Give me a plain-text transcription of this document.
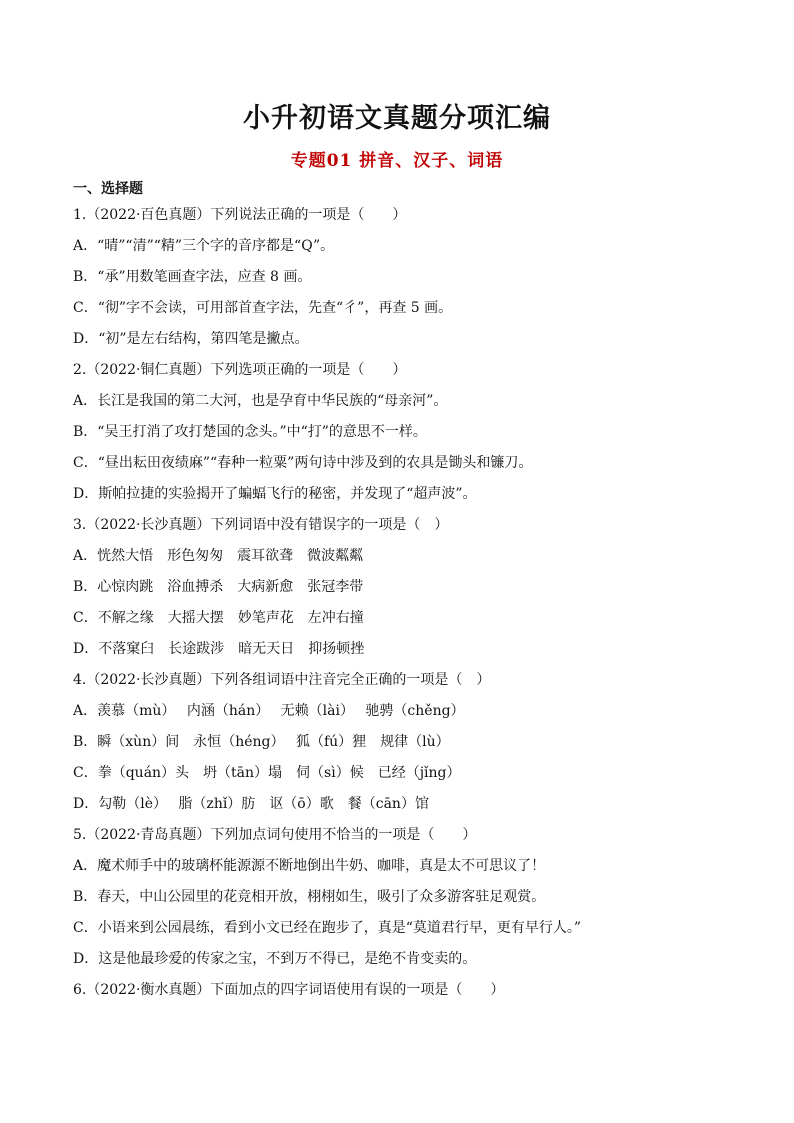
小升初语文真题分项汇编
专题01 拼音、汉子、词语
一、选择题
1.（2022·百色真题）下列说法正确的一项是（　　）
A．“晴”“清”“精”三个字的音序都是“Q”。
B．“承”用数笔画查字法，应查 8 画。
C．“彻”字不会读，可用部首查字法，先查“彳”，再查 5 画。
D．“初”是左右结构，第四笔是撇点。
2.（2022·铜仁真题）下列选项正确的一项是（　　）
A．长江是我国的第二大河，也是孕育中华民族的“母亲河”。
B．“吴王打消了攻打楚国的念头。”中“打”的意思不一样。
C．“昼出耘田夜绩麻”“春种一粒粟”两句诗中涉及到的农具是锄头和镰刀。
D．斯帕拉捷的实验揭开了蝙蝠飞行的秘密，并发现了“超声波”。
3.（2022·长沙真题）下列词语中没有错误字的一项是（　）
A．恍然大悟　形色匆匆　震耳欲聋　微波粼粼
B．心惊肉跳　浴血搏杀　大病新愈　张冠李带
C．不解之缘　大摇大摆　妙笔声花　左冲右撞
D．不落窠臼　长途跋涉　暗无天日　抑扬顿挫
4.（2022·长沙真题）下列各组词语中注音完全正确的一项是（　）
A．羡慕（mù）　 内涵（hán）　 无赖（lài）　 驰骋（chěng）
B．瞬（xùn）间　永恒（héng）　 狐（fú）狸　规律（lù）
C．拳（quán）头　坍（tān）塌　伺（sì）候　已经（jǐng）
D．勾勒（lè）　 脂（zhǐ）肪　讴（ō）歌　餐（cān）馆
5.（2022·青岛真题）下列加点词句使用不恰当的一项是（　　）
A．魔术师手中的玻璃杯能源源不断地倒出牛奶、咖啡，真是太不可思议了！
B．春天，中山公园里的花竞相开放，栩栩如生，吸引了众多游客驻足观赏。
C．小语来到公园晨练，看到小文已经在跑步了，真是“莫道君行早，更有早行人。”
D．这是他最珍爱的传家之宝，不到万不得已，是绝不肯变卖的。
6.（2022·衡水真题）下面加点的四字词语使用有误的一项是（　　）
